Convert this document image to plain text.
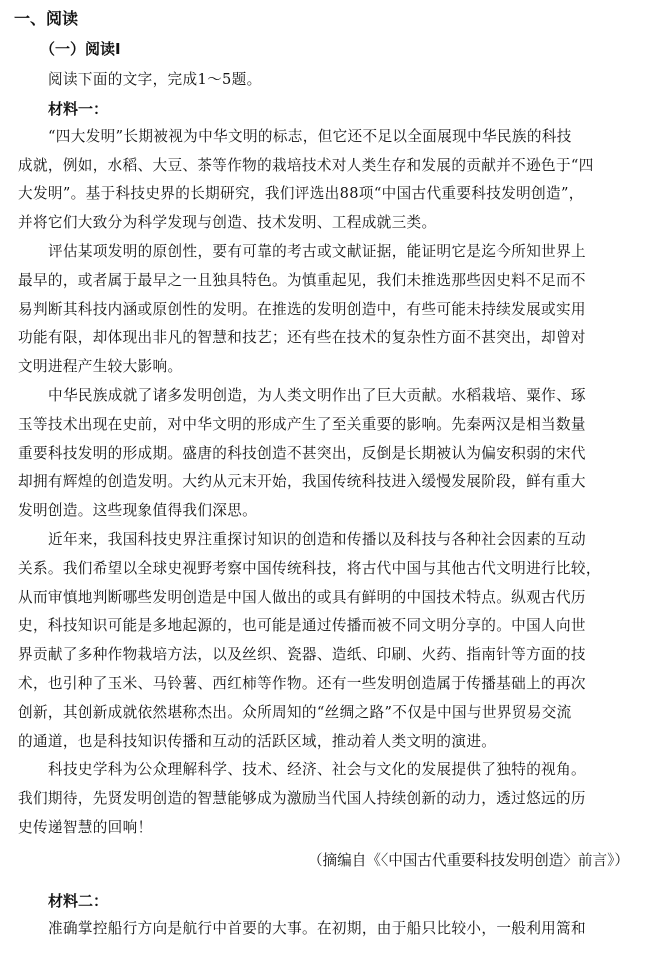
一、阅读
（一）阅读Ⅰ
阅读下面的文字，完成1～5题。
材料一：
“四大发明”长期被视为中华文明的标志，但它还不足以全面展现中华民族的科技
成就，例如，水稻、大豆、茶等作物的栽培技术对人类生存和发展的贡献并不逊色于“四
大发明”。基于科技史界的长期研究，我们评选出88项“中国古代重要科技发明创造”，
并将它们大致分为科学发现与创造、技术发明、工程成就三类。
评估某项发明的原创性，要有可靠的考古或文献证据，能证明它是迄今所知世界上
最早的，或者属于最早之一且独具特色。为慎重起见，我们未推选那些因史料不足而不
易判断其科技内涵或原创性的发明。在推选的发明创造中，有些可能未持续发展或实用
功能有限，却体现出非凡的智慧和技艺；还有些在技术的复杂性方面不甚突出，却曾对
文明进程产生较大影响。
中华民族成就了诸多发明创造，为人类文明作出了巨大贡献。水稻栽培、粟作、琢
玉等技术出现在史前，对中华文明的形成产生了至关重要的影响。先秦两汉是相当数量
重要科技发明的形成期。盛唐的科技创造不甚突出，反倒是长期被认为偏安积弱的宋代
却拥有辉煌的创造发明。大约从元末开始，我国传统科技进入缓慢发展阶段，鲜有重大
发明创造。这些现象值得我们深思。
近年来，我国科技史界注重探讨知识的创造和传播以及科技与各种社会因素的互动
关系。我们希望以全球史视野考察中国传统科技，将古代中国与其他古代文明进行比较，
从而审慎地判断哪些发明创造是中国人做出的或具有鲜明的中国技术特点。纵观古代历
史，科技知识可能是多地起源的，也可能是通过传播而被不同文明分享的。中国人向世
界贡献了多种作物栽培方法，以及丝织、瓷器、造纸、印刷、火药、指南针等方面的技
术，也引种了玉米、马铃薯、西红柿等作物。还有一些发明创造属于传播基础上的再次
创新，其创新成就依然堪称杰出。众所周知的“丝绸之路”不仅是中国与世界贸易交流
的通道，也是科技知识传播和互动的活跃区域，推动着人类文明的演进。
科技史学科为公众理解科学、技术、经济、社会与文化的发展提供了独特的视角。
我们期待，先贤发明创造的智慧能够成为激励当代国人持续创新的动力，透过悠远的历
史传递智慧的回响！
（摘编自《〈中国古代重要科技发明创造〉前言》）
材料二：
准确掌控船行方向是航行中首要的大事。在初期，由于船只比较小，一般利用篙和
